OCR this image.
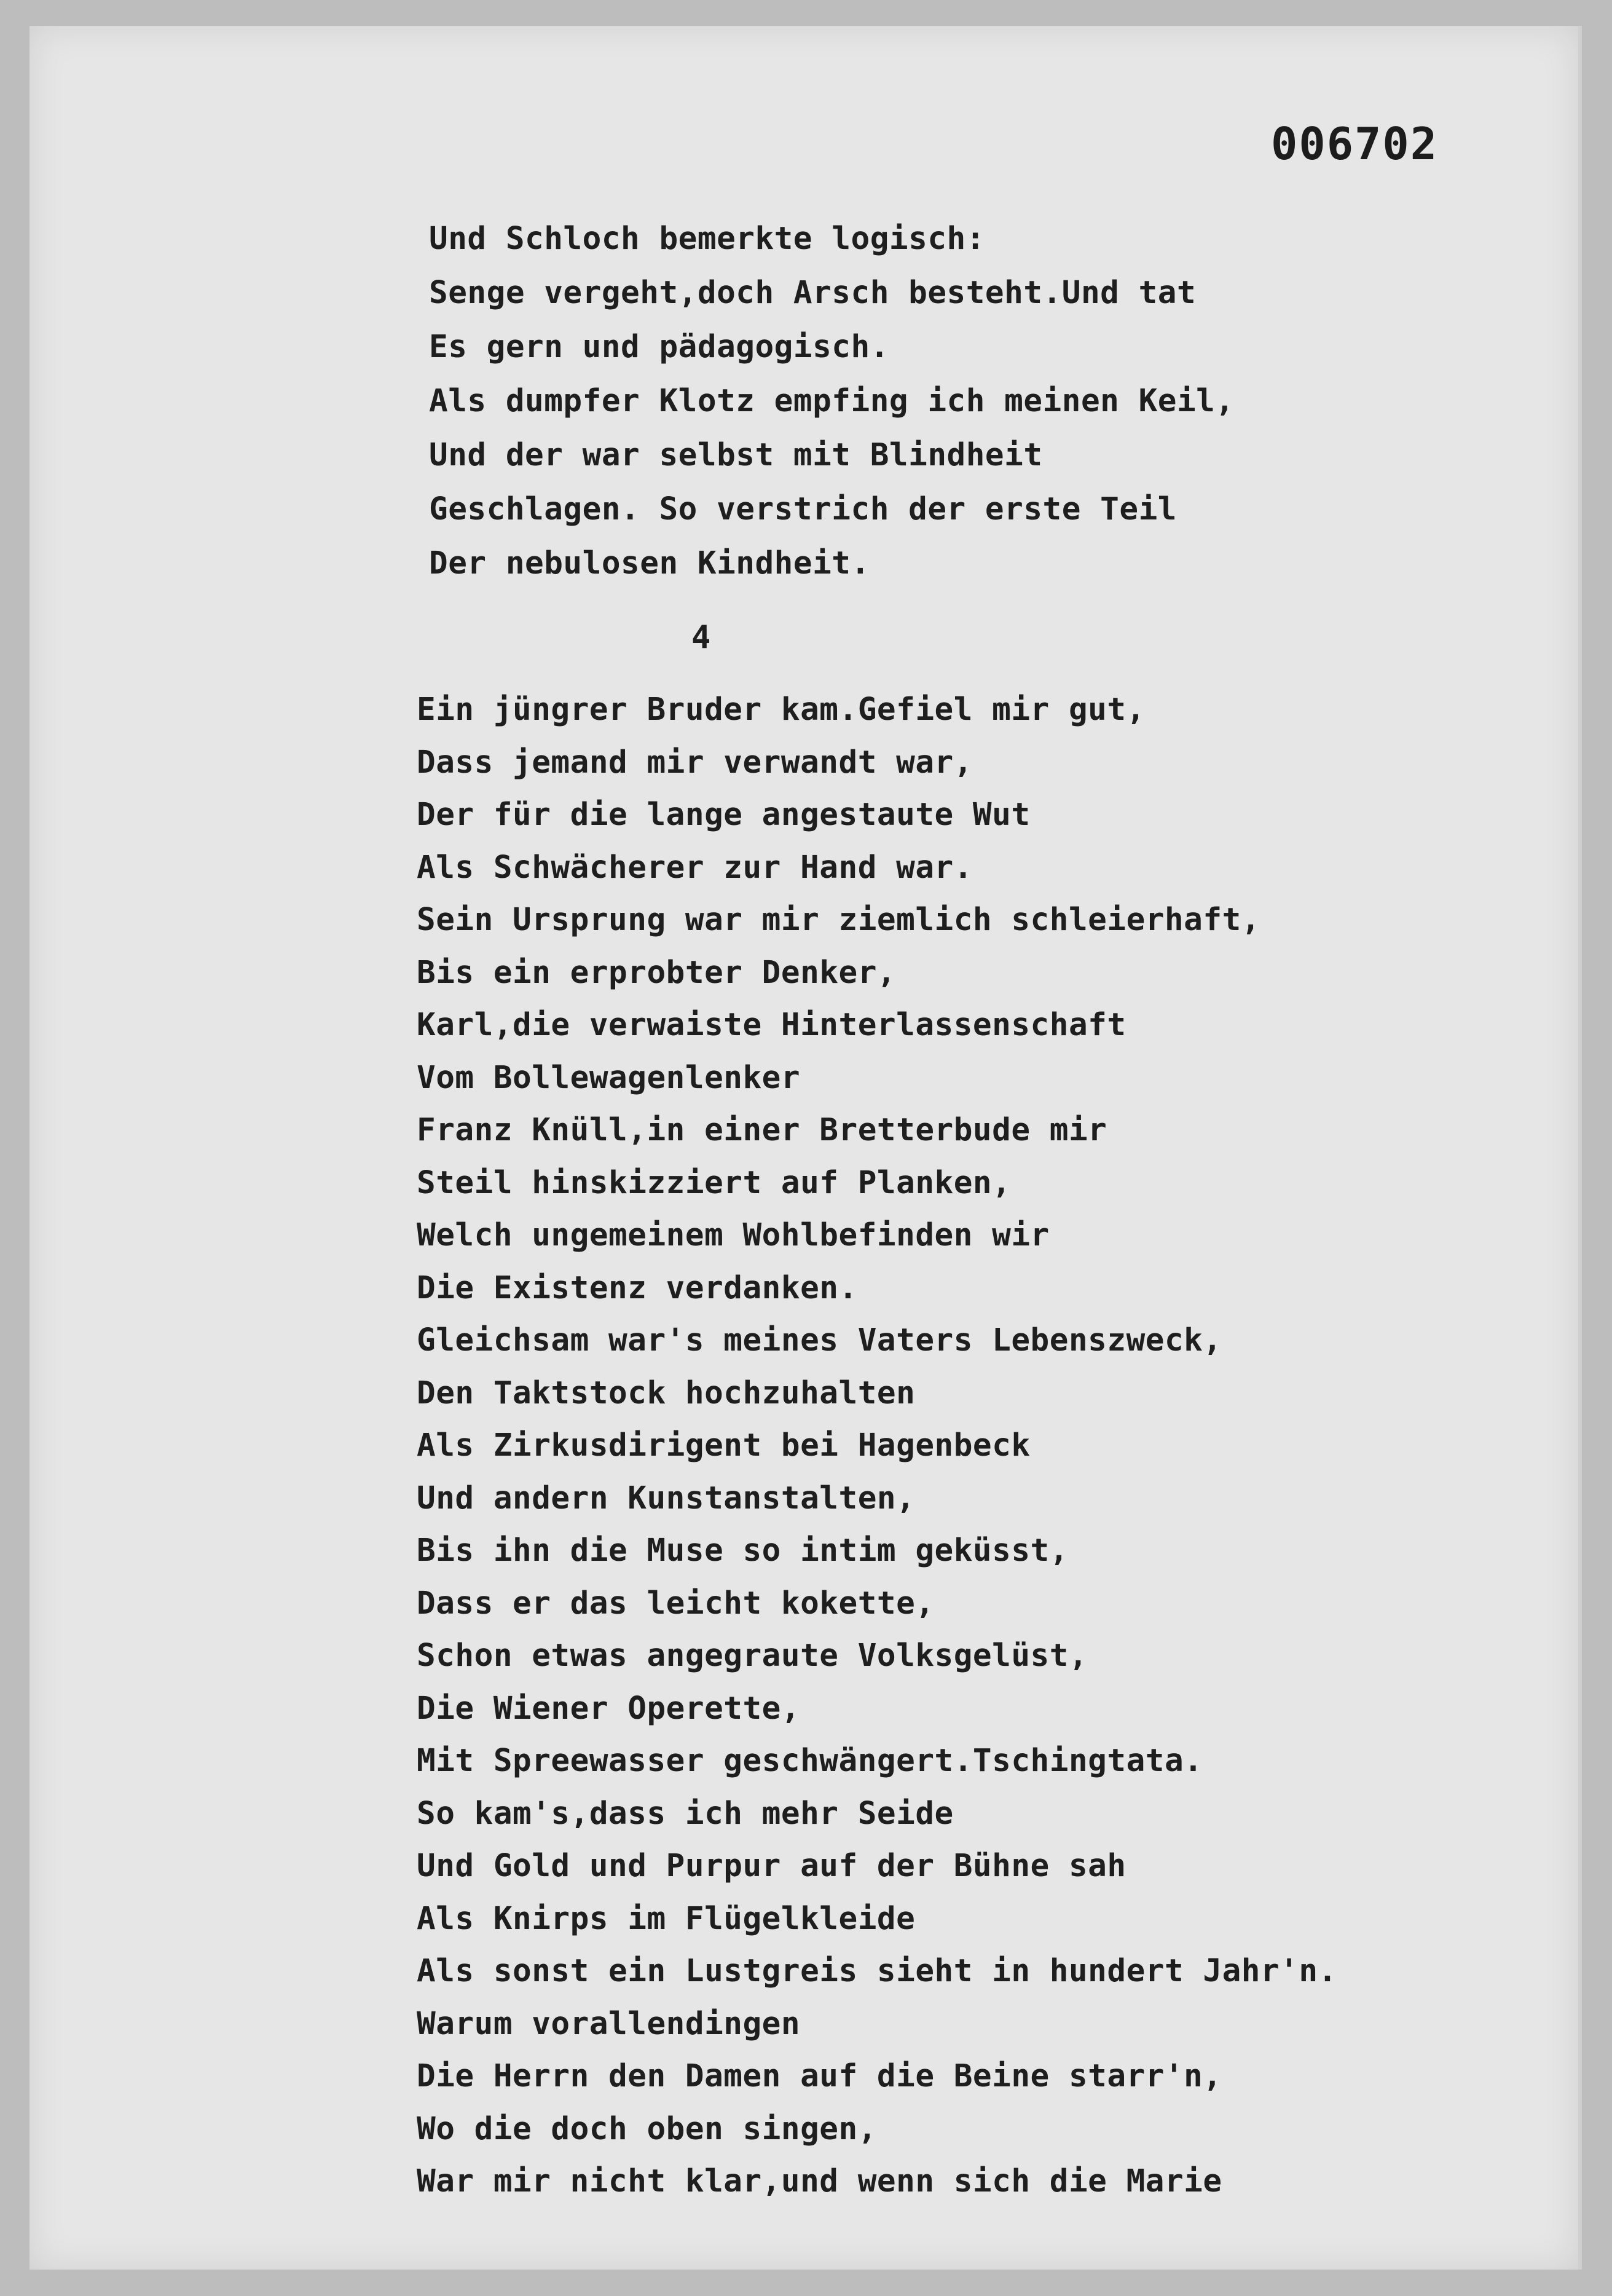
006702
Und Schloch bemerkte logisch:
Senge vergeht,doch Arsch besteht.Und tat
Es gern und pädagogisch.
Als dumpfer Klotz empfing ich meinen Keil,
Und der war selbst mit Blindheit
Geschlagen. So verstrich der erste Teil
Der nebulosen Kindheit.
4
Ein jüngrer Bruder kam.Gefiel mir gut,
Dass jemand mir verwandt war,
Der für die lange angestaute Wut
Als Schwächerer zur Hand war.
Sein Ursprung war mir ziemlich schleierhaft,
Bis ein erprobter Denker,
Karl,die verwaiste Hinterlassenschaft
Vom Bollewagenlenker
Franz Knüll,in einer Bretterbude mir
Steil hinskizziert auf Planken,
Welch ungemeinem Wohlbefinden wir
Die Existenz verdanken.
Gleichsam war's meines Vaters Lebenszweck,
Den Taktstock hochzuhalten
Als Zirkusdirigent bei Hagenbeck
Und andern Kunstanstalten,
Bis ihn die Muse so intim geküsst,
Dass er das leicht kokette,
Schon etwas angegraute Volksgelüst,
Die Wiener Operette,
Mit Spreewasser geschwängert.Tschingtata.
So kam's,dass ich mehr Seide
Und Gold und Purpur auf der Bühne sah
Als Knirps im Flügelkleide
Als sonst ein Lustgreis sieht in hundert Jahr'n.
Warum vorallendingen
Die Herrn den Damen auf die Beine starr'n,
Wo die doch oben singen,
War mir nicht klar,und wenn sich die Marie
